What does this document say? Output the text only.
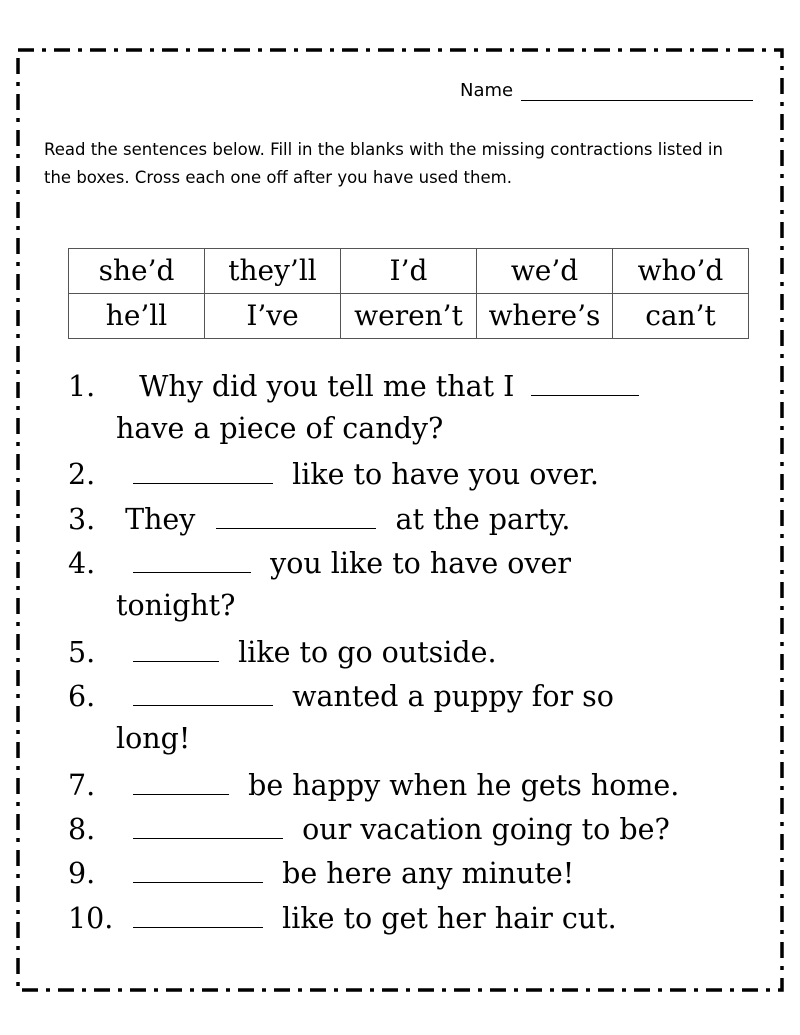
Name
Read the sentences below. Fill in the blanks with the missing contractions listed in the boxes. Cross each one off after you have used them.
she’d	they’ll	I’d	we’d	who’d
he’ll	I’ve	weren’t	where’s	can’t
1. Why did you tell me that I
have a piece of candy?
2.	like to have you over.
3. They	at the party.
4.	you like to have over
tonight?
5.	like to go outside.
6.	wanted a puppy for so
long!
7.	be happy when he gets home.
8.	our vacation going to be?
9.	be here any minute!
10.	like to get her hair cut.
